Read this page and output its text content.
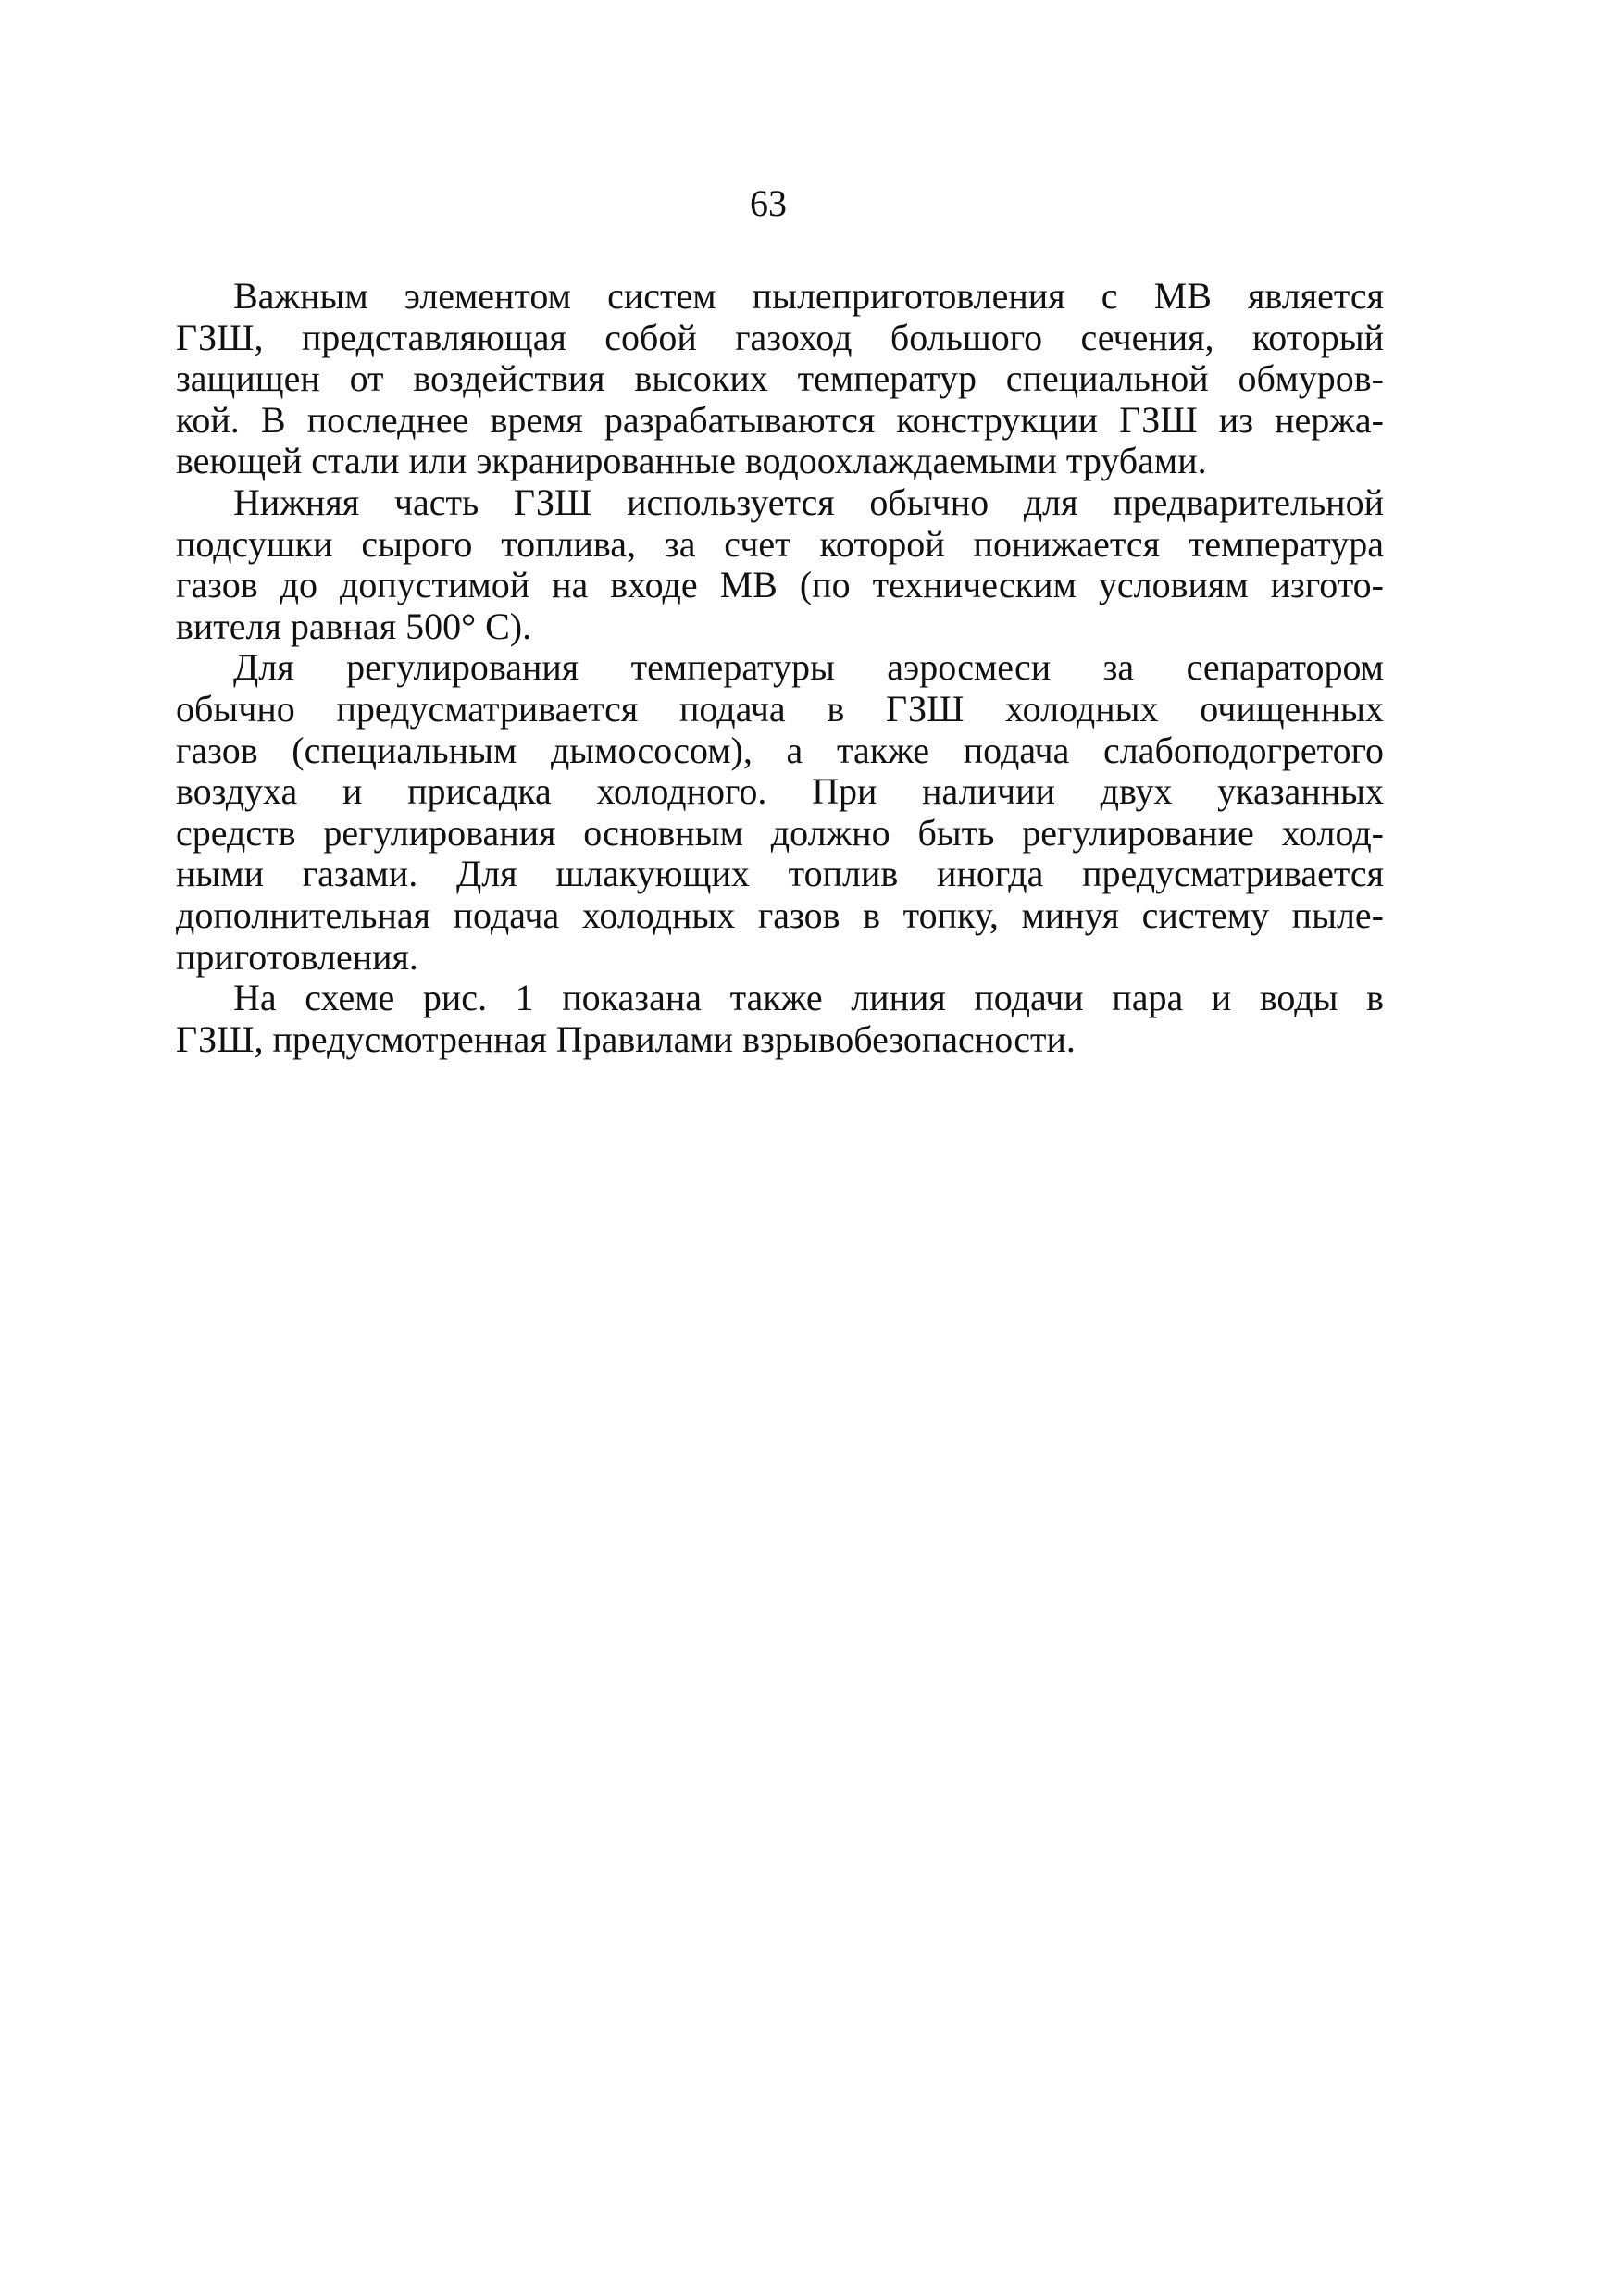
63

Важным элементом систем пылеприготовления с МВ является
ГЗШ, представляющая собой газоход большого сечения, который
защищен от воздействия высоких температур специальной обмуров-
кой. В последнее время разрабатываются конструкции ГЗШ из нержа-
веющей стали или экранированные водоохлаждаемыми трубами.

Нижняя часть ГЗШ используется обычно для предварительной
подсушки сырого топлива, за счет которой понижается температура
газов до допустимой на входе МВ (по техническим условиям изгото-
вителя равная 500° С).

Для регулирования температуры аэросмеси за сепаратором
обычно предусматривается подача в ГЗШ холодных очищенных
газов (специальным дымососом), а также подача слабоподогретого
воздуха и присадка холодного. При наличии двух указанных
средств регулирования основным должно быть регулирование холод-
ными газами. Для шлакующих топлив иногда предусматривается
дополнительная подача холодных газов в топку, минуя систему пыле-
приготовления.

На схеме рис. 1 показана также линия подачи пара и воды в
ГЗШ, предусмотренная Правилами взрывобезопасности.
